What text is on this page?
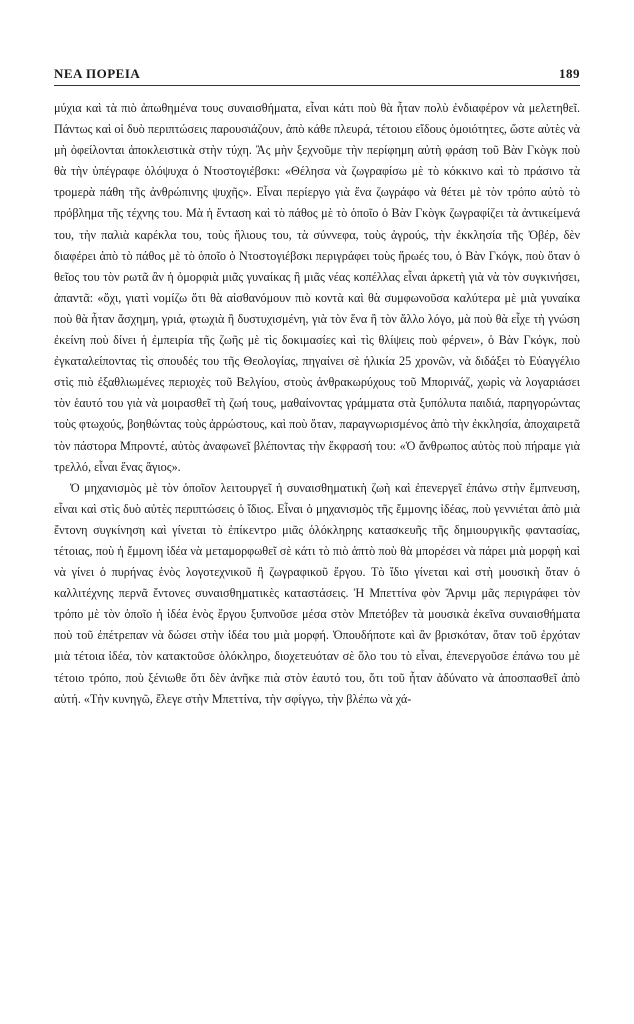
ΝΕΑ ΠΟΡΕΙΑ	189

μύχια καὶ τὰ πιὸ ἀπωθημένα τους συναισθήματα, εἶναι κάτι ποὺ θὰ ἦταν πολὺ ἐνδιαφέρον νὰ μελετηθεῖ. Πάντως καὶ οἱ δυὸ περιπτώσεις παρουσιάζουν, ἀπὸ κάθε πλευρά, τέτοιου εἴδους ὁμοιότητες, ὥστε αὐτὲς νὰ μὴ ὀφείλονται ἀποκλειστικὰ στὴν τύχη. Ἂς μὴν ξεχνοῦμε τὴν περίφημη αὐτὴ φράση τοῦ Βὰν Γκὸγκ ποὺ θὰ τὴν ὑπέγραφε ὁλόψυχα ὁ Ντοστογιέβσκι: «Θέλησα νὰ ζωγραφίσω μὲ τὸ κόκκινο καὶ τὸ πράσινο τὰ τρομερὰ πάθη τῆς ἀνθρώπινης ψυχῆς». Εἶναι περίεργο γιὰ ἕνα ζωγράφο νὰ θέτει μὲ τὸν τρόπο αὐτὸ τὸ πρόβλημα τῆς τέχνης του. Μὰ ἡ ἔνταση καὶ τὸ πάθος μὲ τὸ ὁποῖο ὁ Βὰν Γκὸγκ ζωγραφίζει τὰ ἀντικείμενά του, τὴν παλιὰ καρέκλα του, τοὺς ἥλιους του, τὰ σύννεφα, τοὺς ἀγρούς, τὴν ἐκκλησία τῆς Ὀβέρ, δὲν διαφέρει ἀπὸ τὸ πάθος μὲ τὸ ὁποῖο ὁ Ντοστογιέβσκι περιγράφει τοὺς ἥρωές του, ὁ Βὰν Γκόγκ, ποὺ ὅταν ὁ θεῖος του τὸν ρωτᾶ ἂν ἡ ὀμορφιὰ μιᾶς γυναίκας ἢ μιᾶς νέας κοπέλλας εἶναι ἀρκετὴ γιὰ νὰ τὸν συγκινήσει, ἀπαντᾶ: «ὄχι, γιατὶ νομίζω ὅτι θὰ αἰσθανόμουν πιὸ κοντὰ καὶ θὰ συμφωνοῦσα καλύτερα μὲ μιὰ γυναίκα ποὺ θὰ ἦταν ἄσχημη, γριά, φτωχιὰ ἢ δυστυχισμένη, γιὰ τὸν ἕνα ἢ τὸν ἄλλο λόγο, μὰ ποὺ θὰ εἶχε τὴ γνώση ἐκείνη ποὺ δίνει ἡ ἐμπειρία τῆς ζωῆς μὲ τὶς δοκιμασίες καὶ τὶς θλίψεις ποὺ φέρνει», ὁ Βὰν Γκόγκ, ποὺ ἐγκαταλείποντας τὶς σπουδές του τῆς Θεολογίας, πηγαίνει σὲ ἡλικία 25 χρονῶν, νὰ διδάξει τὸ Εὐαγγέλιο στὶς πιὸ ἐξαθλιωμένες περιοχὲς τοῦ Βελγίου, στοὺς ἀνθρακωρύχους τοῦ Μπορινάζ, χωρὶς νὰ λογαριάσει τὸν ἑαυτό του γιὰ νὰ μοιρασθεῖ τὴ ζωή τους, μαθαίνοντας γράμματα στὰ ξυπόλυτα παιδιά, παρηγορώντας τοὺς φτωχούς, βοηθώντας τοὺς ἀρρώστους, καὶ ποὺ ὅταν, παραγνωρισμένος ἀπὸ τὴν ἐκκλησία, ἀποχαιρετᾶ τὸν πάστορα Μπροντέ, αὐτὸς ἀναφωνεῖ βλέποντας τὴν ἔκφρασή του: «Ὁ ἄνθρωπος αὐτὸς ποὺ πήραμε γιὰ τρελλό, εἶναι ἕνας ἅγιος».

Ὁ μηχανισμὸς μὲ τὸν ὁποῖον λειτουργεῖ ἡ συναισθηματικὴ ζωὴ καὶ ἐπενεργεῖ ἐπάνω στὴν ἔμπνευση, εἶναι καὶ στὶς δυὸ αὐτὲς περιπτώσεις ὁ ἴδιος. Εἶναι ὁ μηχανισμὸς τῆς ἔμμονης ἰδέας, ποὺ γεννιέται ἀπὸ μιὰ ἔντονη συγκίνηση καὶ γίνεται τὸ ἐπίκεντρο μιᾶς ὁλόκληρης κατασκευῆς τῆς δημιουργικῆς φαντασίας, τέτοιας, ποὺ ἡ ἔμμονη ἰδέα νὰ μεταμορφωθεῖ σὲ κάτι τὸ πιὸ ἁπτὸ ποὺ θὰ μπορέσει νὰ πάρει μιὰ μορφὴ καὶ νὰ γίνει ὁ πυρήνας ἑνὸς λογοτεχνικοῦ ἢ ζωγραφικοῦ ἔργου. Τὸ ἴδιο γίνεται καὶ στὴ μουσικὴ ὅταν ὁ καλλιτέχνης περνᾶ ἔντονες συναισθηματικὲς καταστάσεις. Ἡ Μπεττίνα φὸν Ἄρνιμ μᾶς περιγράφει τὸν τρόπο μὲ τὸν ὁποῖο ἡ ἰδέα ἑνὸς ἔργου ξυπνοῦσε μέσα στὸν Μπετόβεν τὰ μουσικὰ ἐκεῖνα συναισθήματα ποὺ τοῦ ἐπέτρεπαν νὰ δώσει στὴν ἰδέα του μιὰ μορφή. Ὁπουδήποτε καὶ ἂν βρισκόταν, ὅταν τοῦ ἐρχόταν μιὰ τέτοια ἰδέα, τὸν κατακτοῦσε ὁλόκληρο, διοχετευόταν σὲ ὅλο του τὸ εἶναι, ἐπενεργοῦσε ἐπάνω του μὲ τέτοιο τρόπο, ποὺ ξένιωθε ὅτι δὲν ἀνῆκε πιὰ στὸν ἑαυτό του, ὅτι τοῦ ἦταν ἀδύνατο νὰ ἀποσπασθεῖ ἀπὸ αὐτή. «Τὴν κυνηγῶ, ἔλεγε στὴν Μπεττίνα, τὴν σφίγγω, τὴν βλέπω νὰ χά-
